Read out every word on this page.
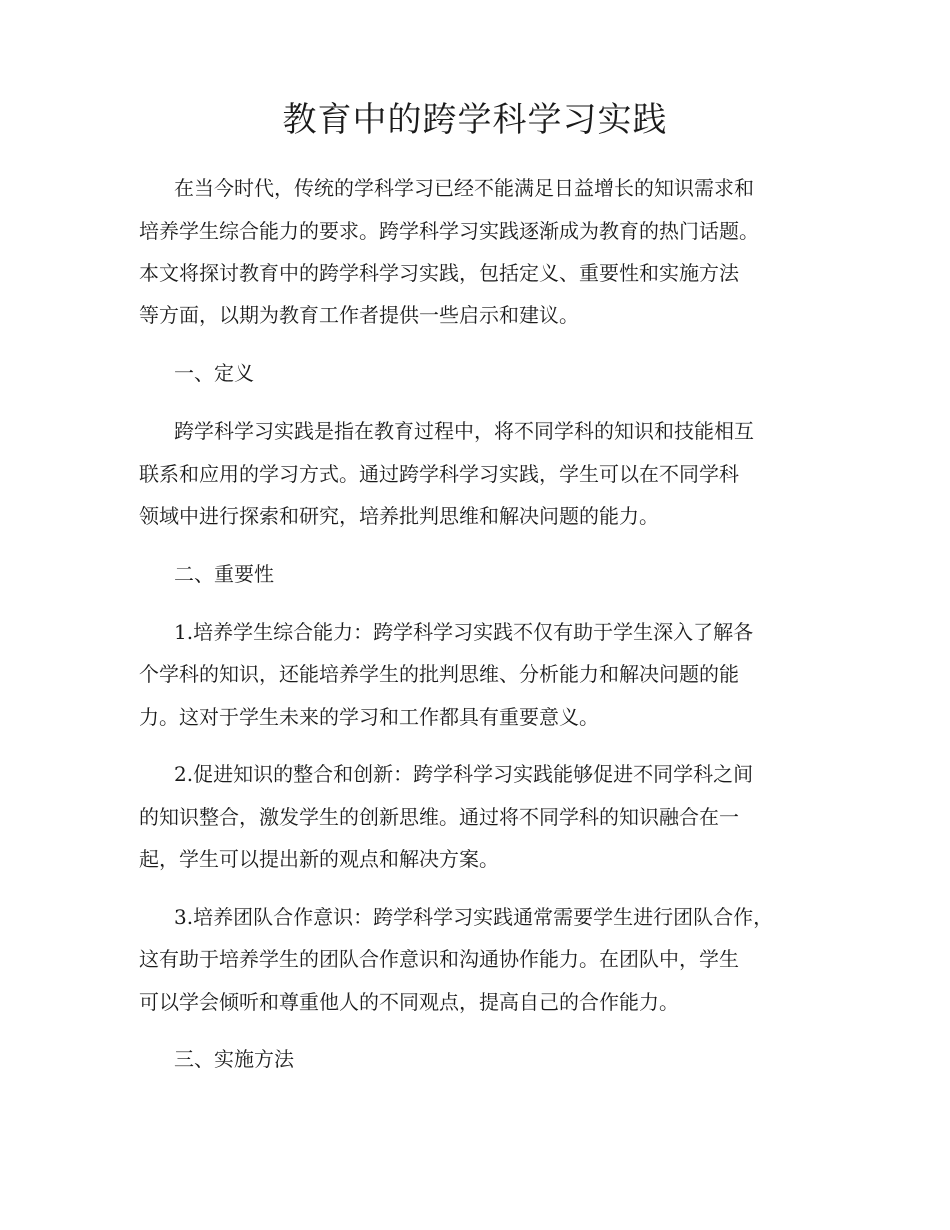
教育中的跨学科学习实践

在当今时代，传统的学科学习已经不能满足日益增长的知识需求和

培养学生综合能力的要求。跨学科学习实践逐渐成为教育的热门话题。

本文将探讨教育中的跨学科学习实践，包括定义、重要性和实施方法

等方面，以期为教育工作者提供一些启示和建议。

一、定义

跨学科学习实践是指在教育过程中，将不同学科的知识和技能相互

联系和应用的学习方式。通过跨学科学习实践，学生可以在不同学科

领域中进行探索和研究，培养批判思维和解决问题的能力。

二、重要性

1.培养学生综合能力：跨学科学习实践不仅有助于学生深入了解各

个学科的知识，还能培养学生的批判思维、分析能力和解决问题的能

力。这对于学生未来的学习和工作都具有重要意义。

2.促进知识的整合和创新：跨学科学习实践能够促进不同学科之间

的知识整合，激发学生的创新思维。通过将不同学科的知识融合在一

起，学生可以提出新的观点和解决方案。

3.培养团队合作意识：跨学科学习实践通常需要学生进行团队合作，

这有助于培养学生的团队合作意识和沟通协作能力。在团队中，学生

可以学会倾听和尊重他人的不同观点，提高自己的合作能力。

三、实施方法
